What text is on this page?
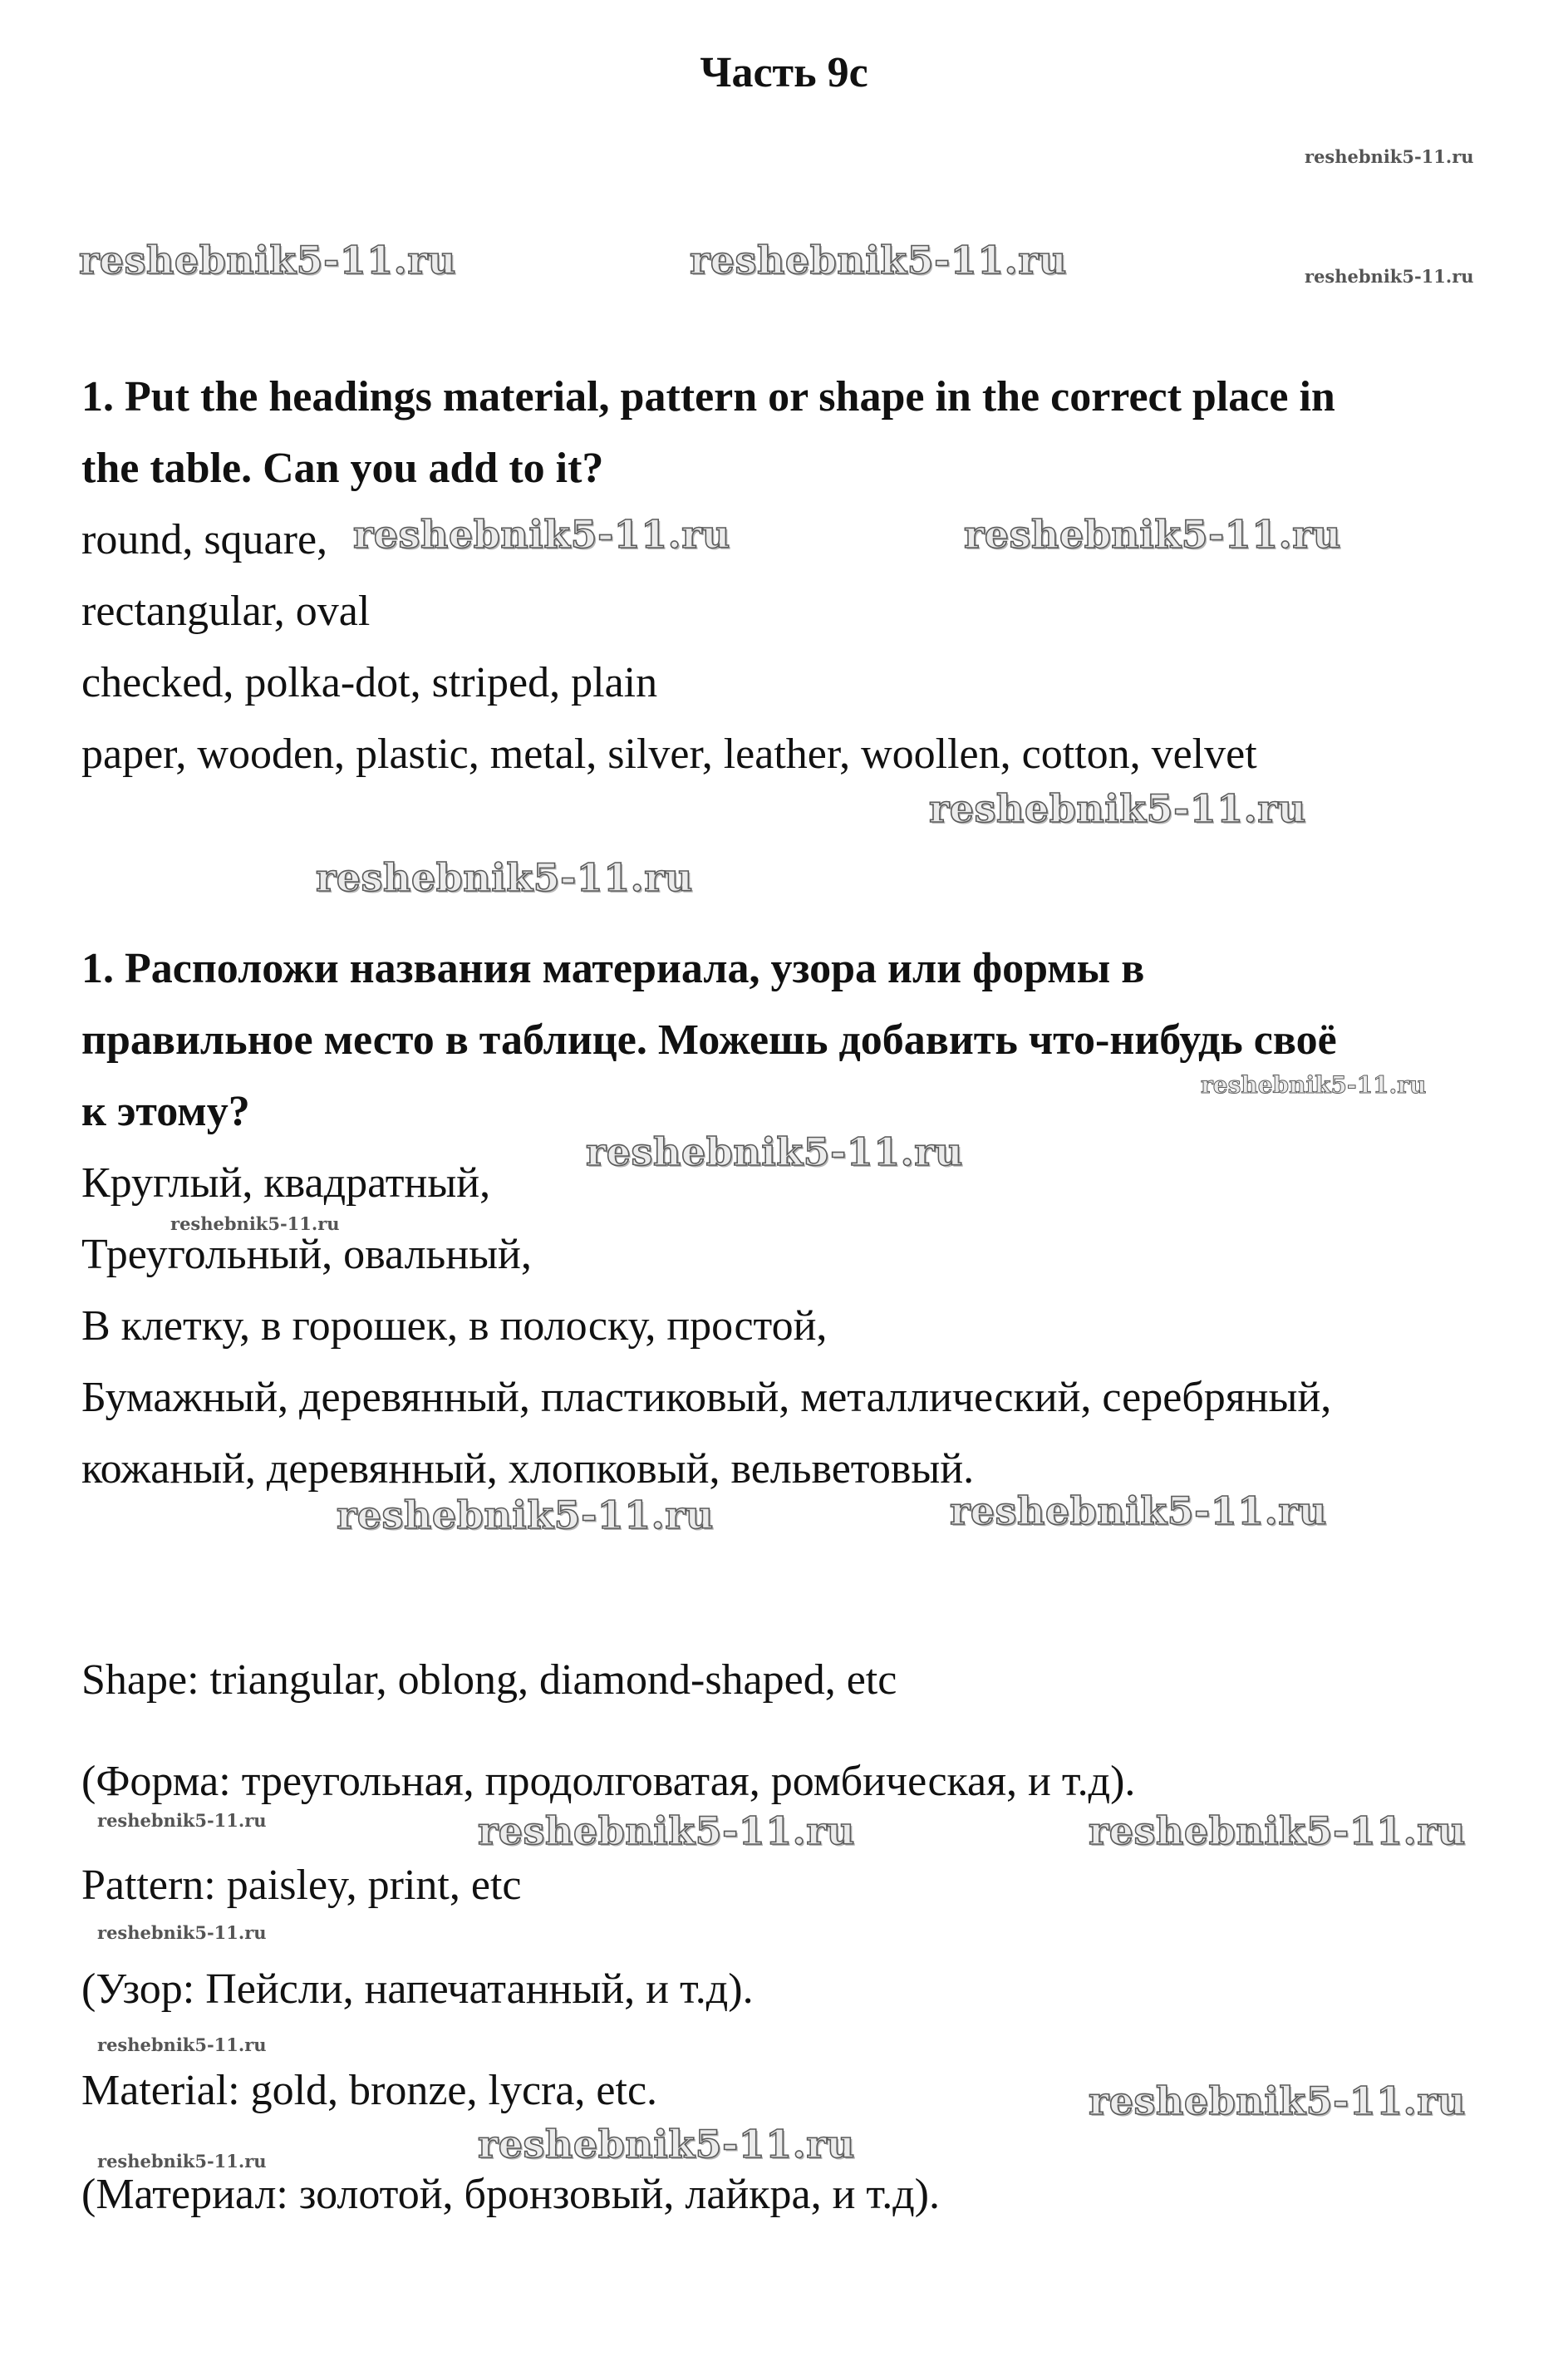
Часть 9с
1. Put the headings material, pattern or shape in the correct place in
the table. Can you add to it?
round, square,
rectangular, oval
checked, polka-dot, striped, plain
paper, wooden, plastic, metal, silver, leather, woollen, cotton, velvet
1. Расположи названия материала, узора или формы в
правильное место в таблице. Можешь добавить что-нибудь своё
к этому?
Круглый, квадратный,
Треугольный, овальный,
В клетку, в горошек, в полоску, простой,
Бумажный, деревянный, пластиковый, металлический, серебряный,
кожаный, деревянный, хлопковый, вельветовый.
Shape: triangular, oblong, diamond-shaped, etc
(Форма: треугольная, продолговатая, ромбическая, и т.д).
Pattern: paisley, print, etc
(Узор: Пейсли, напечатанный, и т.д).
Material: gold, bronze, lycra, etc.
(Материал: золотой, бронзовый, лайкра, и т.д).
reshebnik5-11.ru
reshebnik5-11.ru	reshebnik5-11.ru	reshebnik5-11.ru
reshebnik5-11.ru	reshebnik5-11.ru
reshebnik5-11.ru
reshebnik5-11.ru
reshebnik5-11.ru
reshebnik5-11.ru
reshebnik5-11.ru
reshebnik5-11.ru	reshebnik5-11.ru
reshebnik5-11.ru	reshebnik5-11.ru	reshebnik5-11.ru
reshebnik5-11.ru
reshebnik5-11.ru
reshebnik5-11.ru
reshebnik5-11.ru
reshebnik5-11.ru
